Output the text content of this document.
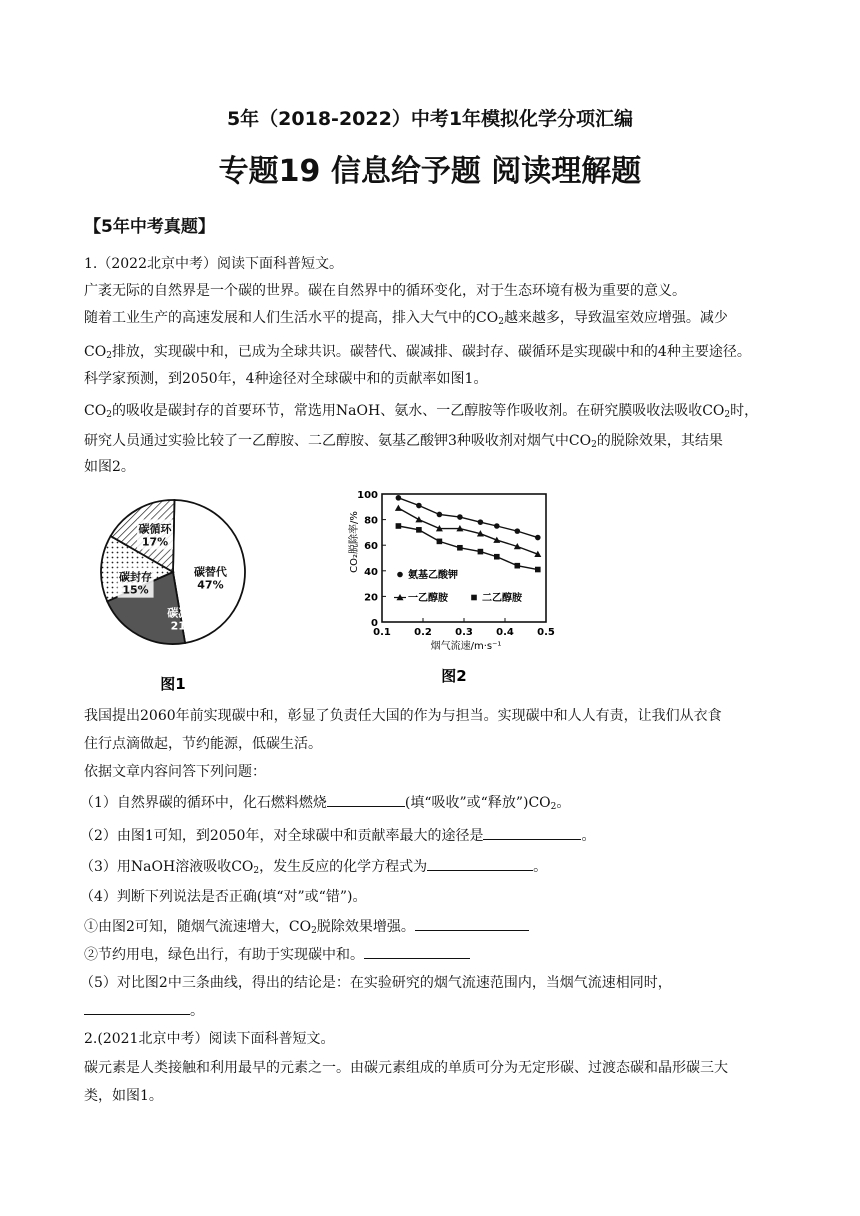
5年（2018-2022）中考1年模拟化学分项汇编
专题19 信息给予题 阅读理解题
【5年中考真题】
1.（2022北京中考）阅读下面科普短文。
广袤无际的自然界是一个碳的世界。碳在自然界中的循环变化，对于生态环境有极为重要的意义。
随着工业生产的高速发展和人们生活水平的提高，排入大气中的$CO_2$越来越多，导致温室效应增强。减少
$CO_2$排放，实现碳中和，已成为全球共识。碳替代、碳减排、碳封存、碳循环是实现碳中和的4种主要途径。
科学家预测，到2050年，4种途径对全球碳中和的贡献率如图1。
$CO_2$的吸收是碳封存的首要环节，常选用NaOH、氨水、一乙醇胺等作吸收剂。在研究膜吸收法吸收$CO_2$时，
研究人员通过实验比较了一乙醇胺、二乙醇胺、氨基乙酸钾3种吸收剂对烟气中$CO_2$的脱除效果，其结果
如图2。
碳替代
47%
碳减排
21%
碳封存
15%
碳循环
17%
图1
0
20
40
60
80
100
0.1 0.2 0.3 0.4 0.5
氨基乙酸钾
一乙醇胺	二乙醇胺
烟气流速/m·s⁻¹
CO₂脱除率/%
图2
我国提出2060年前实现碳中和，彰显了负责任大国的作为与担当。实现碳中和人人有责，让我们从衣食
住行点滴做起，节约能源，低碳生活。
依据文章内容问答下列问题：
（1）自然界碳的循环中，化石燃料燃烧	(填“吸收”或“释放$”)CO_2$。
（2）由图1可知，到2050年，对全球碳中和贡献率最大的途径是	。
（3）用NaOH溶液吸收$CO_2$，发生反应的化学方程式为	。
（4）判断下列说法是否正确(填“对”或“错”)。
①由图2可知，随烟气流速增大，$CO_2$脱除效果增强。
②节约用电，绿色出行，有助于实现碳中和。
（5）对比图2中三条曲线，得出的结论是：在实验研究的烟气流速范围内，当烟气流速相同时，
。
2.(2021北京中考）阅读下面科普短文。
碳元素是人类接触和利用最早的元素之一。由碳元素组成的单质可分为无定形碳、过渡态碳和晶形碳三大
类，如图1。
